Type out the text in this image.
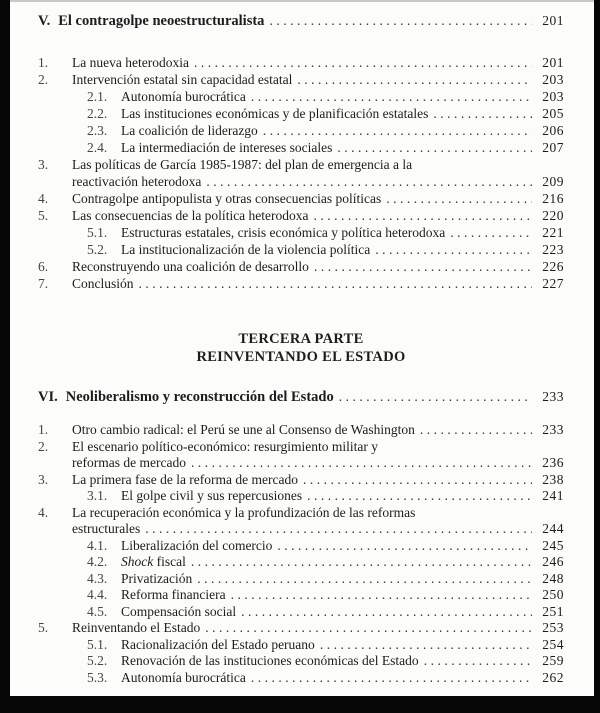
V. El contragolpe neoestructuralista .....	201
1.	La nueva heterodoxia .....	201
2.	Intervención estatal sin capacidad estatal .....	203
2.1.	Autonomía burocrática .....	203
2.2.	Las instituciones económicas y de planificación estatales .....	205
2.3.	La coalición de liderazgo .....	206
2.4.	La intermediación de intereses sociales .....	207
3.	Las políticas de García 1985-1987: del plan de emergencia a la
reactivación heterodoxa .....	209
4.	Contragolpe antipopulista y otras consecuencias políticas .....	216
5.	Las consecuencias de la política heterodoxa .....	220
5.1.	Estructuras estatales, crisis económica y política heterodoxa .....	221
5.2.	La institucionalización de la violencia política .....	223
6.	Reconstruyendo una coalición de desarrollo .....	226
7.	Conclusión .....	227
TERCERA PARTE
REINVENTANDO EL ESTADO
VI. Neoliberalismo y reconstrucción del Estado .....	233
1.	Otro cambio radical: el Perú se une al Consenso de Washington .....	233
2.	El escenario político-económico: resurgimiento militar y
reformas de mercado .....	236
3.	La primera fase de la reforma de mercado .....	238
3.1.	El golpe civil y sus repercusiones .....	241
4.	La recuperación económica y la profundización de las reformas
estructurales .....	244
4.1.	Liberalización del comercio .....	245
4.2.	Shock fiscal .....	246
4.3.	Privatización .....	248
4.4.	Reforma financiera .....	250
4.5.	Compensación social .....	251
5.	Reinventando el Estado .....	253
5.1.	Racionalización del Estado peruano .....	254
5.2.	Renovación de las instituciones económicas del Estado .....	259
5.3.	Autonomía burocrática .....	262
